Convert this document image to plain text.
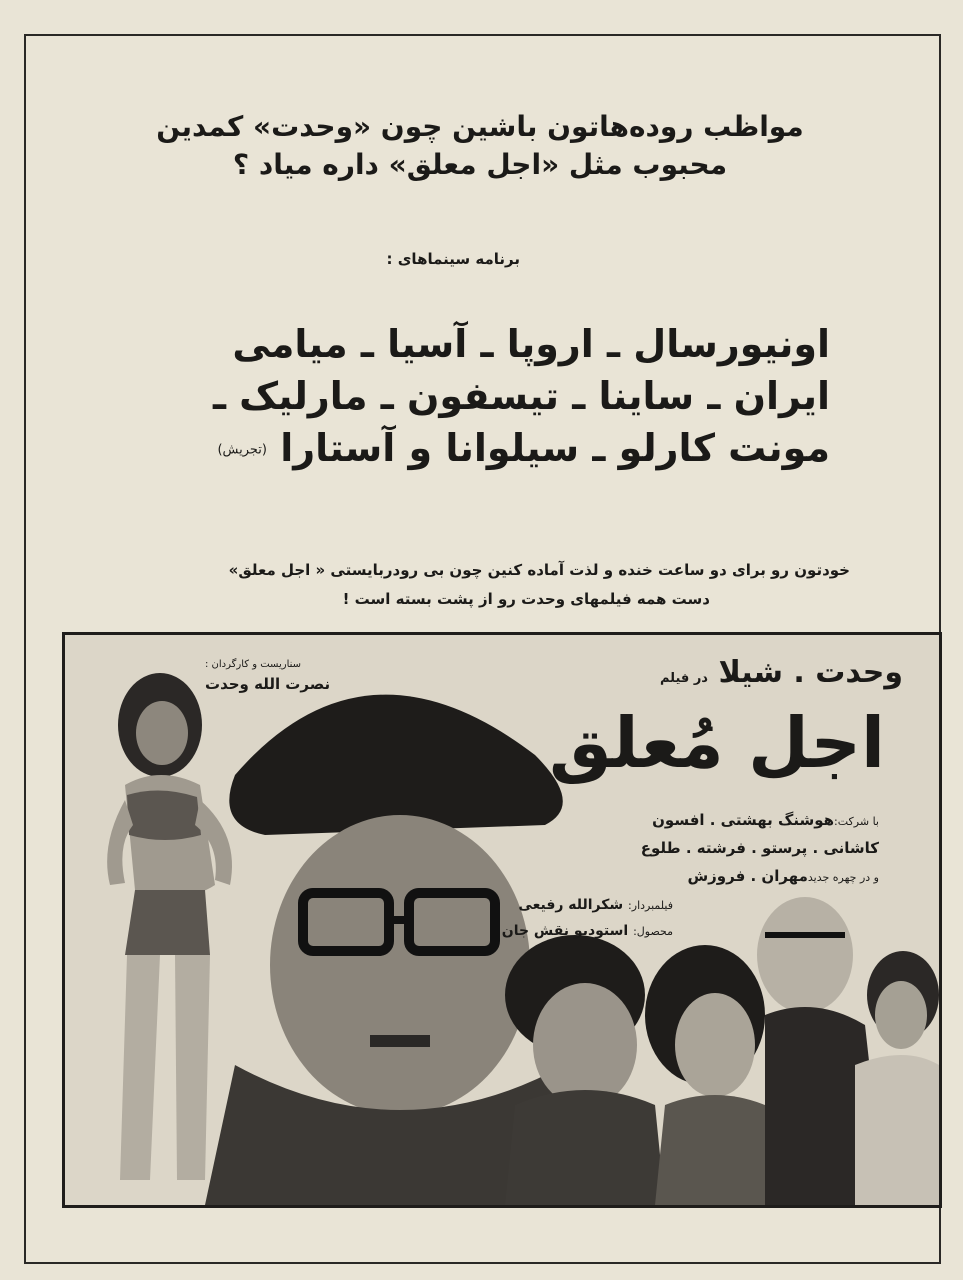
مواظب روده‌هاتون باشین چون «وحدت» کمدین
محبوب مثل «اجل معلق» داره میاد ؟
برنامه سینماهای :
اونیورسال ـ اروپا ـ آسیا ـ میامی
ایران ـ ساینا ـ تیسفون ـ مارلیک ـ
مونت کارلو ـ سیلوانا و آستارا (تجریش)
خودتون رو برای دو ساعت خنده و لذت آماده کنین چون بی رودربایستی « اجل معلق»
دست همه فیلمهای وحدت رو از پشت بسته است !
وحدت . شیلا در فیلم
اجل مُعلق
سناریست و کارگردان :
نصرت الله وحدت
با شرکت:هوشنگ بهشتی . افسون
کاشانی . پرستو . فرشته . طلوع
و در چهره جدیدمهران . فروزش
فیلمبردار: شکرالله رفیعی
محصول: استودیو نقش جان
